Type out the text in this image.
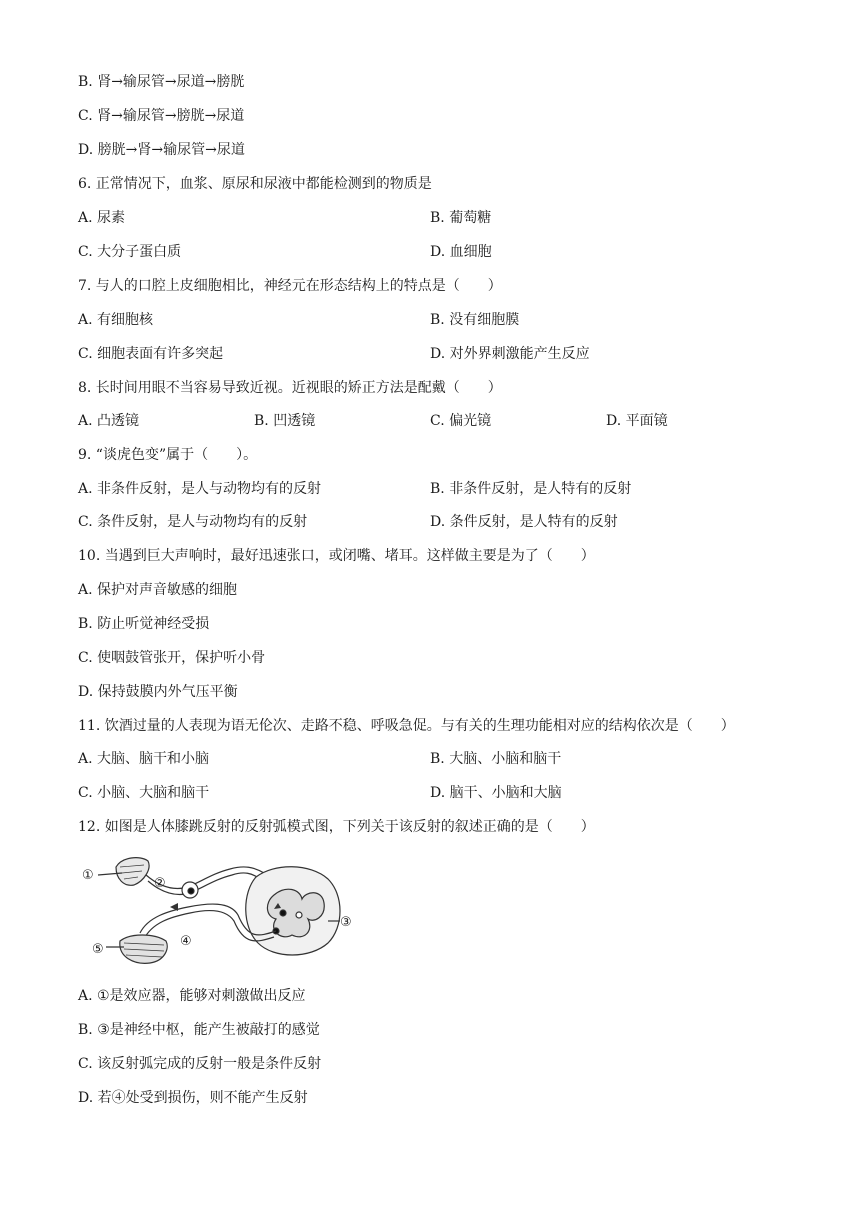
B. 肾→输尿管→尿道→膀胱
C. 肾→输尿管→膀胱→尿道
D. 膀胱→肾→输尿管→尿道
6. 正常情况下，血浆、原尿和尿液中都能检测到的物质是
A. 尿素	B. 葡萄糖
C. 大分子蛋白质	D. 血细胞
7. 与人的口腔上皮细胞相比，神经元在形态结构上的特点是（　　）
A. 有细胞核	B. 没有细胞膜
C. 细胞表面有许多突起	D. 对外界刺激能产生反应
8. 长时间用眼不当容易导致近视。近视眼的矫正方法是配戴（　　）
A. 凸透镜	B. 凹透镜	C. 偏光镜	D. 平面镜
9. “谈虎色变”属于（　　）。
A. 非条件反射，是人与动物均有的反射	B. 非条件反射，是人特有的反射
C. 条件反射，是人与动物均有的反射	D. 条件反射，是人特有的反射
10. 当遇到巨大声响时，最好迅速张口，或闭嘴、堵耳。这样做主要是为了（　　）
A. 保护对声音敏感的细胞
B. 防止听觉神经受损
C. 使咽鼓管张开，保护听小骨
D. 保持鼓膜内外气压平衡
11. 饮酒过量的人表现为语无伦次、走路不稳、呼吸急促。与有关的生理功能相对应的结构依次是（　　）
A. 大脑、脑干和小脑	B. 大脑、小脑和脑干
C. 小脑、大脑和脑干	D. 脑干、小脑和大脑
12. 如图是人体膝跳反射的反射弧模式图，下列关于该反射的叙述正确的是（　　）
①
②
③
④
⑤
A. ①是效应器，能够对刺激做出反应
B. ③是神经中枢，能产生被敲打的感觉
C. 该反射弧完成的反射一般是条件反射
D. 若④处受到损伤，则不能产生反射
